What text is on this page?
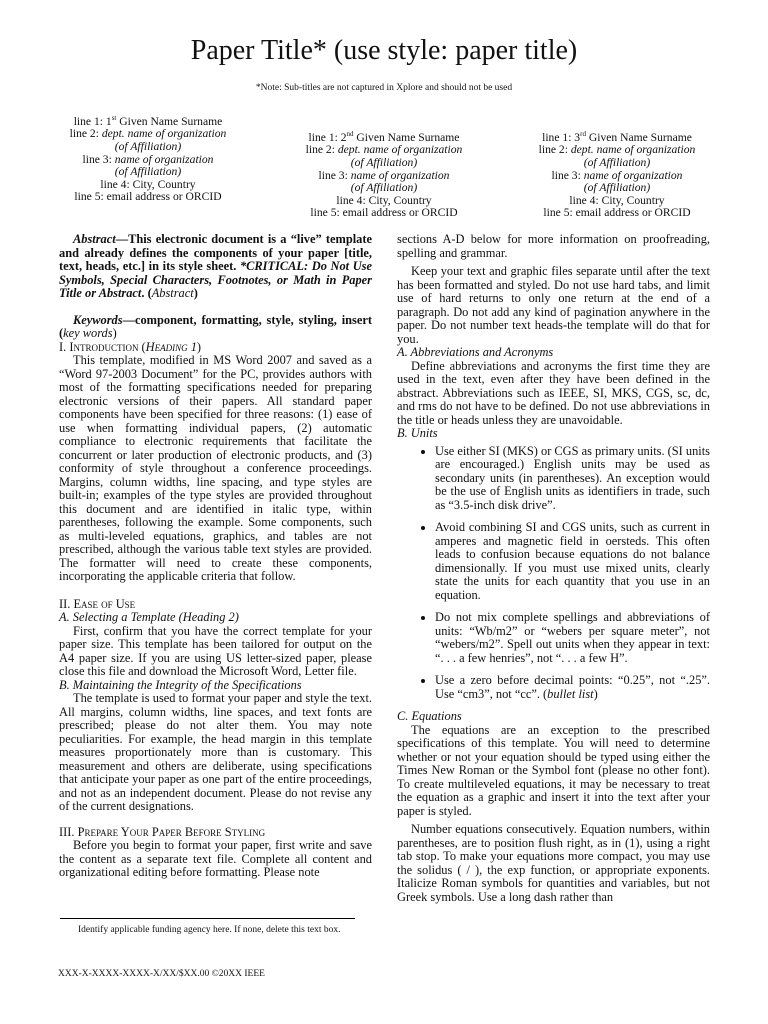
Paper Title* (use style: paper title)
*Note: Sub-titles are not captured in Xplore and should not be used
line 1: 1st Given Name Surname
line 2: dept. name of organization
(of Affiliation)
line 3: name of organization
(of Affiliation)
line 4: City, Country
line 5: email address or ORCID
line 1: 2nd Given Name Surname
line 2: dept. name of organization
(of Affiliation)
line 3: name of organization
(of Affiliation)
line 4: City, Country
line 5: email address or ORCID
line 1: 3rd Given Name Surname
line 2: dept. name of organization
(of Affiliation)
line 3: name of organization
(of Affiliation)
line 4: City, Country
line 5: email address or ORCID

Abstract—This electronic document is a “live” template and already defines the components of your paper [title, text, heads, etc.] in its style sheet. *CRITICAL: Do Not Use Symbols, Special Characters, Footnotes, or Math in Paper Title or Abstract. (Abstract)

Keywords—component, formatting, style, styling, insert (key words)

I. Introduction (Heading 1)

This template, modified in MS Word 2007 and saved as a “Word 97-2003 Document” for the PC, provides authors with most of the formatting specifications needed for preparing electronic versions of their papers. All standard paper components have been specified for three reasons: (1) ease of use when formatting individual papers, (2) automatic compliance to electronic requirements that facilitate the concurrent or later production of electronic products, and (3) conformity of style throughout a conference proceedings. Margins, column widths, line spacing, and type styles are built-in; examples of the type styles are provided throughout this document and are identified in italic type, within parentheses, following the example. Some components, such as multi-leveled equations, graphics, and tables are not prescribed, although the various table text styles are provided. The formatter will need to create these components, incorporating the applicable criteria that follow.

II. Ease of Use

A. Selecting a Template (Heading 2)

First, confirm that you have the correct template for your paper size. This template has been tailored for output on the A4 paper size. If you are using US letter-sized paper, please close this file and download the Microsoft Word, Letter file.

B. Maintaining the Integrity of the Specifications

The template is used to format your paper and style the text. All margins, column widths, line spaces, and text fonts are prescribed; please do not alter them. You may note peculiarities. For example, the head margin in this template measures proportionately more than is customary. This measurement and others are deliberate, using specifications that anticipate your paper as one part of the entire proceedings, and not as an independent document. Please do not revise any of the current designations.

III. Prepare Your Paper Before Styling

Before you begin to format your paper, first write and save the content as a separate text file. Complete all content and organizational editing before formatting. Please note

sections A-D below for more information on proofreading, spelling and grammar.

Keep your text and graphic files separate until after the text has been formatted and styled. Do not use hard tabs, and limit use of hard returns to only one return at the end of a paragraph. Do not add any kind of pagination anywhere in the paper. Do not number text heads-the template will do that for you.

A. Abbreviations and Acronyms

Define abbreviations and acronyms the first time they are used in the text, even after they have been defined in the abstract. Abbreviations such as IEEE, SI, MKS, CGS, sc, dc, and rms do not have to be defined. Do not use abbreviations in the title or heads unless they are unavoidable.

B. Units

• Use either SI (MKS) or CGS as primary units. (SI units are encouraged.) English units may be used as secondary units (in parentheses). An exception would be the use of English units as identifiers in trade, such as “3.5-inch disk drive”.
• Avoid combining SI and CGS units, such as current in amperes and magnetic field in oersteds. This often leads to confusion because equations do not balance dimensionally. If you must use mixed units, clearly state the units for each quantity that you use in an equation.
• Do not mix complete spellings and abbreviations of units: “Wb/m2” or “webers per square meter”, not “webers/m2”. Spell out units when they appear in text: “. . . a few henries”, not “. . . a few H”.
• Use a zero before decimal points: “0.25”, not “.25”. Use “cm3”, not “cc”. (bullet list)

C. Equations

The equations are an exception to the prescribed specifications of this template. You will need to determine whether or not your equation should be typed using either the Times New Roman or the Symbol font (please no other font). To create multileveled equations, it may be necessary to treat the equation as a graphic and insert it into the text after your paper is styled.

Number equations consecutively. Equation numbers, within parentheses, are to position flush right, as in (1), using a right tab stop. To make your equations more compact, you may use the solidus ( / ), the exp function, or appropriate exponents. Italicize Roman symbols for quantities and variables, but not Greek symbols. Use a long dash rather than

Identify applicable funding agency here. If none, delete this text box.
XXX-X-XXXX-XXXX-X/XX/$XX.00 ©20XX IEEE
